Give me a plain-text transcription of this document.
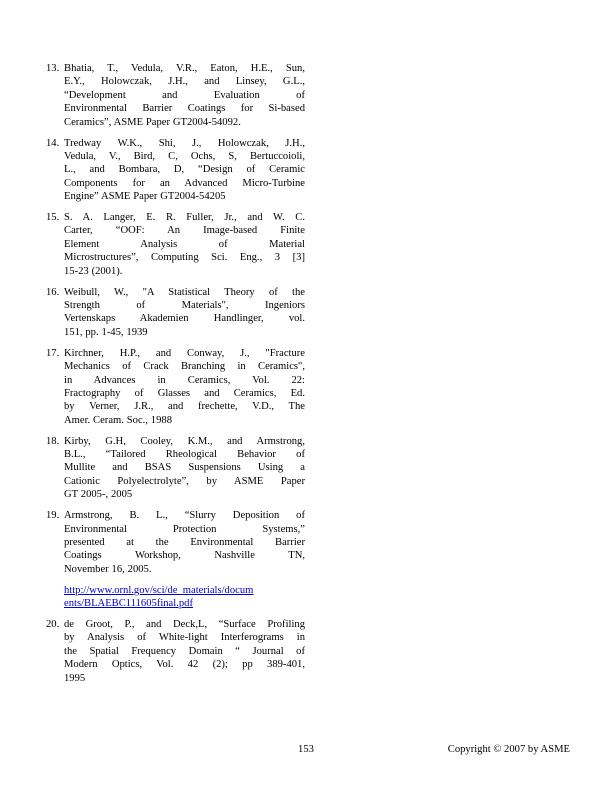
13. Bhatia, T., Vedula, V.R., Eaton, H.E., Sun,
E.Y., Holowczak, J.H., and Linsey, G.L.,
“Development and Evaluation of
Environmental Barrier Coatings for Si-based
Ceramics”, ASME Paper GT2004-54092.
14. Tredway W.K., Shi, J., Holowczak, J.H.,
Vedula, V., Bird, C, Ochs, S, Bertuccoioli,
L., and Bombara, D, “Design of Ceramic
Components for an Advanced Micro-Turbine
Engine” ASME Paper GT2004-54205
15. S. A. Langer, E. R. Fuller, Jr., and W. C.
Carter, “OOF: An Image-based Finite
Element Analysis of Material
Microstructures”, Computing Sci. Eng., 3 [3]
15-23 (2001).
16. Weibull, W., "A Statistical Theory of the
Strength of Materials", Ingeniors
Vertenskaps Akademien Handlinger, vol.
151, pp. 1-45, 1939
17. Kirchner, H.P., and Conway, J., "Fracture
Mechanics of Crack Branching in Ceramics",
in Advances in Ceramics, Vol. 22:
Fractography of Glasses and Ceramics, Ed.
by Verner, J.R., and frechette, V.D., The
Amer. Ceram. Soc., 1988
18. Kirby, G.H, Cooley, K.M., and Armstrong,
B.L., “Tailored Rheological Behavior of
Mullite and BSAS Suspensions Using a
Cationic Polyelectrolyte”, by ASME Paper
GT 2005-, 2005
19. Armstrong, B. L., “Slurry Deposition of
Environmental Protection Systems,”
presented at the Environmental Barrier
Coatings Workshop, Nashville TN,
November 16, 2005.
http://www.ornl.gov/sci/de_materials/docum
ents/BLAEBC111605final.pdf
20. de Groot, P., and Deck,L, “Surface Profiling
by Analysis of White-light Interferograms in
the Spatial Frequency Domain “ Journal of
Modern Optics, Vol. 42 (2); pp 389-401,
1995
153	Copyright © 2007 by ASME
